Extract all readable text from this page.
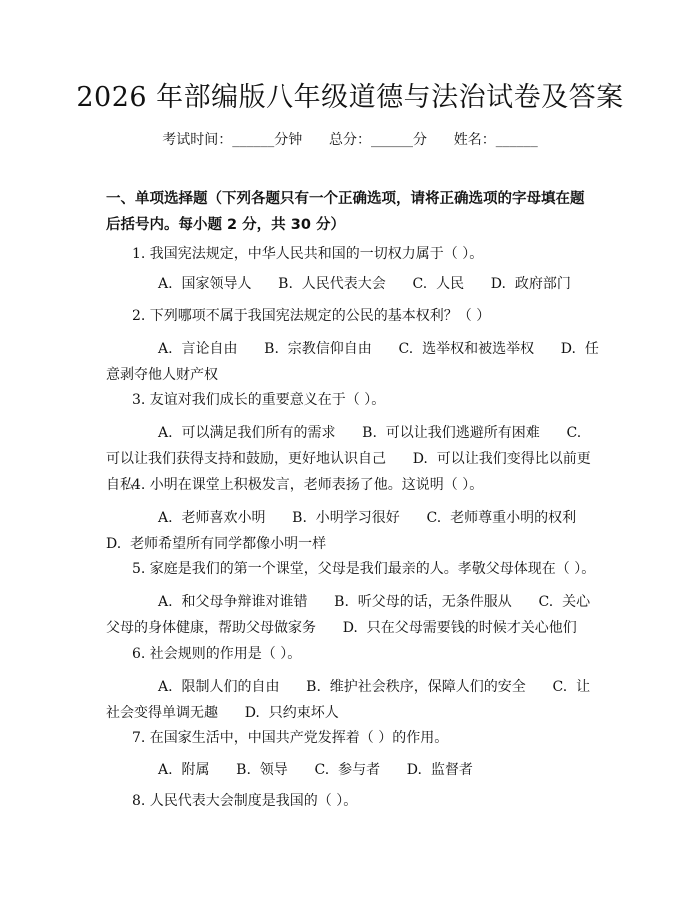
2026 年部编版八年级道德与法治试卷及答案
考试时间：______分钟      总分：______分      姓名：______
一、单项选择题（下列各题只有一个正确选项，请将正确选项的字母填在题后括号内。每小题 2 分，共 30 分）
1. 我国宪法规定，中华人民共和国的一切权力属于（ ）。
A.  国家领导人      B.  人民代表大会      C.  人民      D.  政府部门
2. 下列哪项不属于我国宪法规定的公民的基本权利？（ ）
A.  言论自由      B.  宗教信仰自由      C.  选举权和被选举权      D.  任意剥夺他人财产权
3. 友谊对我们成长的重要意义在于（ ）。
A.  可以满足我们所有的需求      B.  可以让我们逃避所有困难      C.  可以让我们获得支持和鼓励，更好地认识自己      D.  可以让我们变得比以前更自私
4. 小明在课堂上积极发言，老师表扬了他。这说明（ ）。
A.  老师喜欢小明      B.  小明学习很好      C.  老师尊重小明的权利      D.  老师希望所有同学都像小明一样
5. 家庭是我们的第一个课堂，父母是我们最亲的人。孝敬父母体现在（ ）。
A.  和父母争辩谁对谁错      B.  听父母的话，无条件服从      C.  关心父母的身体健康，帮助父母做家务      D.  只在父母需要钱的时候才关心他们
6. 社会规则的作用是（ ）。
A.  限制人们的自由      B.  维护社会秩序，保障人们的安全      C.  让社会变得单调无趣      D.  只约束坏人
7. 在国家生活中，中国共产党发挥着（ ）的作用。
A.  附属      B.  领导      C.  参与者      D.  监督者
8. 人民代表大会制度是我国的（ ）。
